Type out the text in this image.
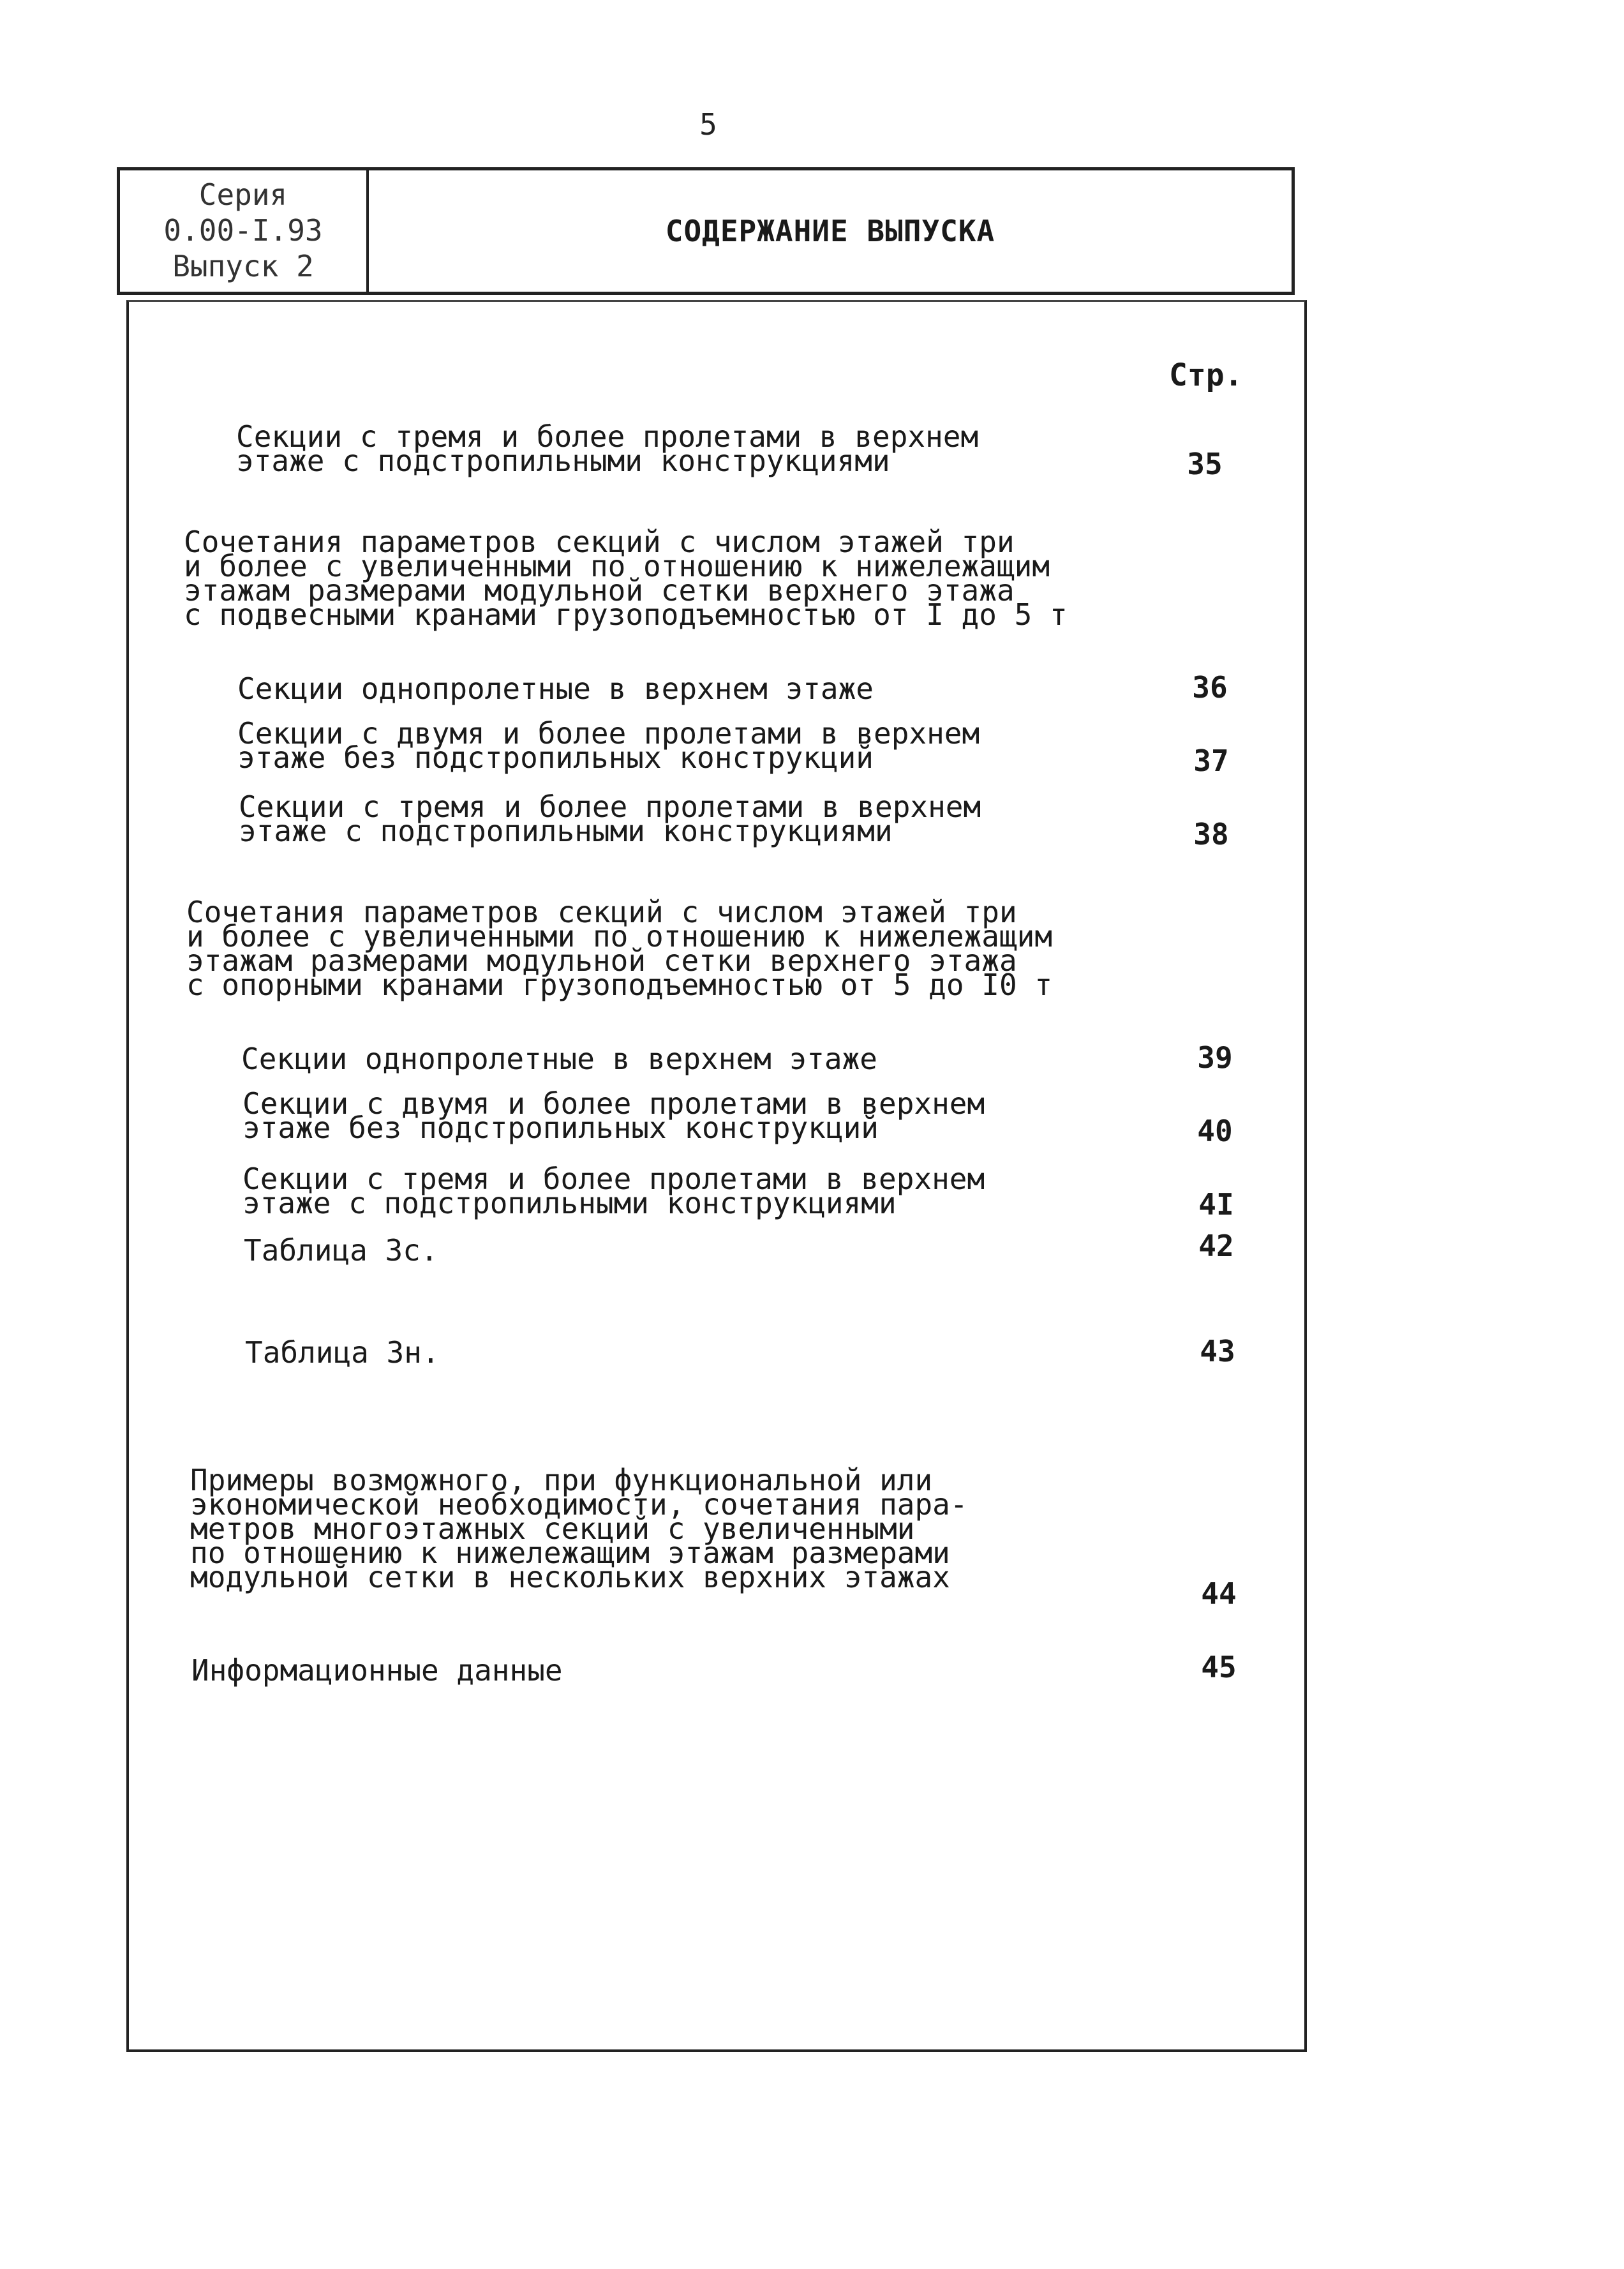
5
Серия
0.00-I.93
Выпуск 2
СОДЕРЖАНИЕ ВЫПУСКА
Стр.
Секции с тремя и более пролетами в верхнем
этаже с подстропильными конструкциями	35
Сочетания параметров секций с числом этажей три
и более с увеличенными по отношению к нижележащим
этажам размерами модульной сетки верхнего этажа
с подвесными кранами грузоподъемностью от I до 5 т
Секции однопролетные в верхнем этаже	36
Секции с двумя и более пролетами в верхнем
этаже без подстропильных конструкций	37
Секции с тремя и более пролетами в верхнем
этаже с подстропильными конструкциями	38
Сочетания параметров секций с числом этажей три
и более с увеличенными по отношению к нижележащим
этажам размерами модульной сетки верхнего этажа
с опорными кранами грузоподъемностью от 5 до I0 т
Секции однопролетные в верхнем этаже	39
Секции с двумя и более пролетами в верхнем
этаже без подстропильных конструкций	40
Секции с тремя и более пролетами в верхнем
этаже с подстропильными конструкциями	4I
Таблица 3с.	42
Таблица 3н.	43
Примеры возможного, при функциональной или
экономической необходимости, сочетания пара-
метров многоэтажных секций с увеличенными
по отношению к нижележащим этажам размерами
модульной сетки в нескольких верхних этажах	44
Информационные данные	45
